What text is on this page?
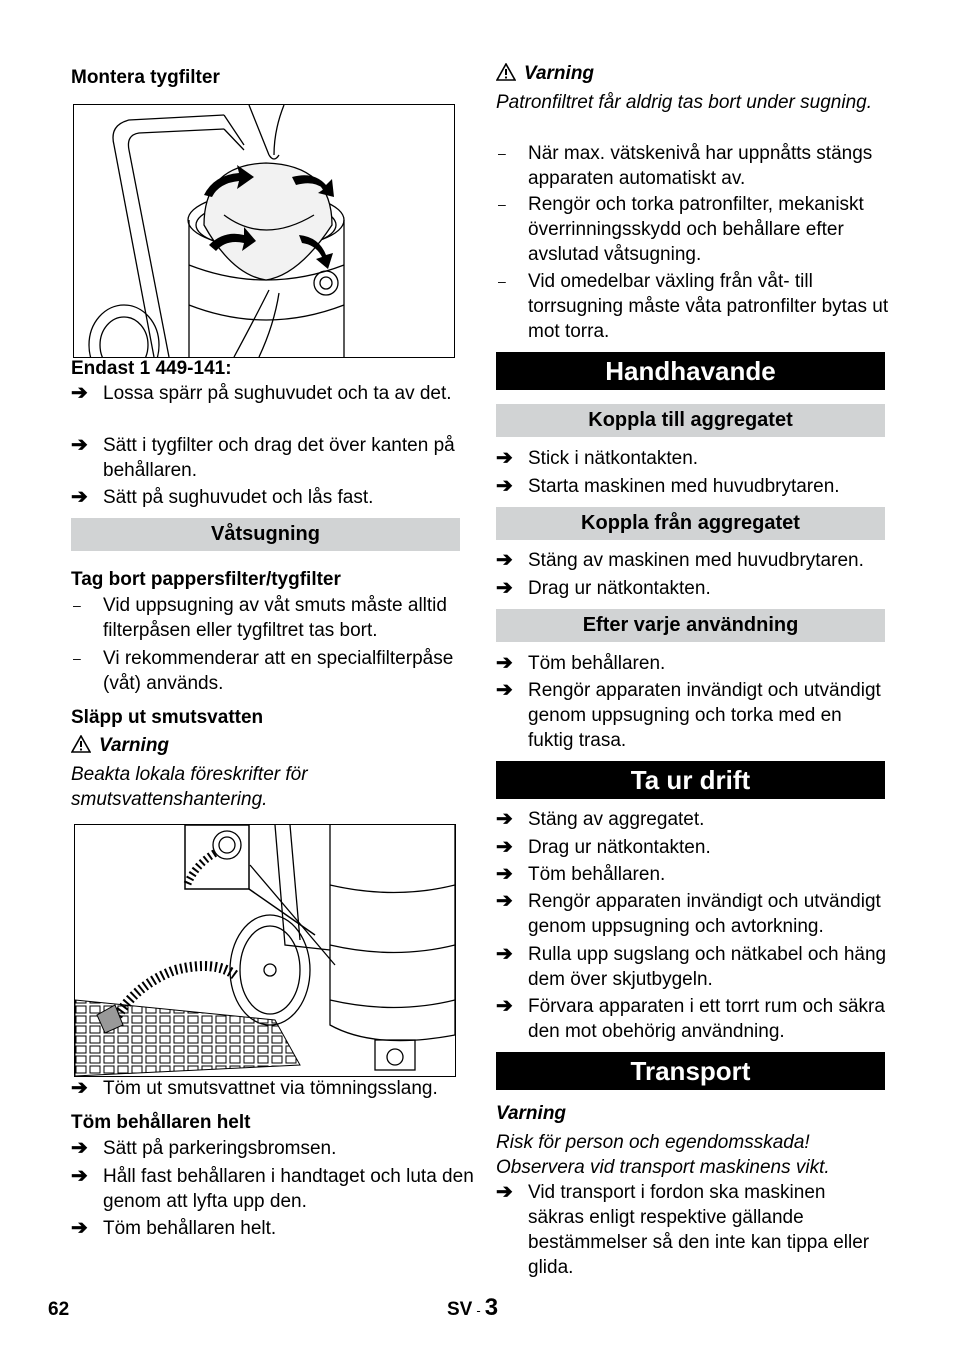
Montera tygfilter
Endast 1 449-141:
➔ Lossa spärr på sughuvudet och ta av det.
➔ Sätt i tygfilter och drag det över kanten på behållaren.
➔ Sätt på sughuvudet och lås fast.
Våtsugning
Tag bort pappersfilter/tygfilter
– Vid uppsugning av våt smuts måste alltid filterpåsen eller tygfiltret tas bort.
– Vi rekommenderar att en specialfilterpåse (våt) används.
Släpp ut smutsvatten
Varning
Beakta lokala föreskrifter för smutsvattenshantering.
➔ Töm ut smutsvattnet via tömningsslang.
Töm behållaren helt
➔ Sätt på parkeringsbromsen.
➔ Håll fast behållaren i handtaget och luta den genom att lyfta upp den.
➔ Töm behållaren helt.
Varning
Patronfiltret får aldrig tas bort under sugning.
– När max. vätskenivå har uppnåtts stängs apparaten automatiskt av.
– Rengör och torka patronfilter, mekaniskt överrinningsskydd och behållare efter avslutad våtsugning.
– Vid omedelbar växling från våt- till torrsugning måste våta patronfilter bytas ut mot torra.
Handhavande
Koppla till aggregatet
➔ Stick i nätkontakten.
➔ Starta maskinen med huvudbrytaren.
Koppla från aggregatet
➔ Stäng av maskinen med huvudbrytaren.
➔ Drag ur nätkontakten.
Efter varje användning
➔ Töm behållaren.
➔ Rengör apparaten invändigt och utvändigt genom uppsugning och torka med en fuktig trasa.
Ta ur drift
➔ Stäng av aggregatet.
➔ Drag ur nätkontakten.
➔ Töm behållaren.
➔ Rengör apparaten invändigt och utvändigt genom uppsugning och avtorkning.
➔ Rulla upp sugslang och nätkabel och häng dem över skjutbygeln.
➔ Förvara apparaten i ett torrt rum och säkra den mot obehörig användning.
Transport
Varning
Risk för person och egendomsskada! Observera vid transport maskinens vikt.
➔ Vid transport i fordon ska maskinen säkras enligt respektive gällande bestämmelser så den inte kan tippa eller glida.
62	SV - 3
